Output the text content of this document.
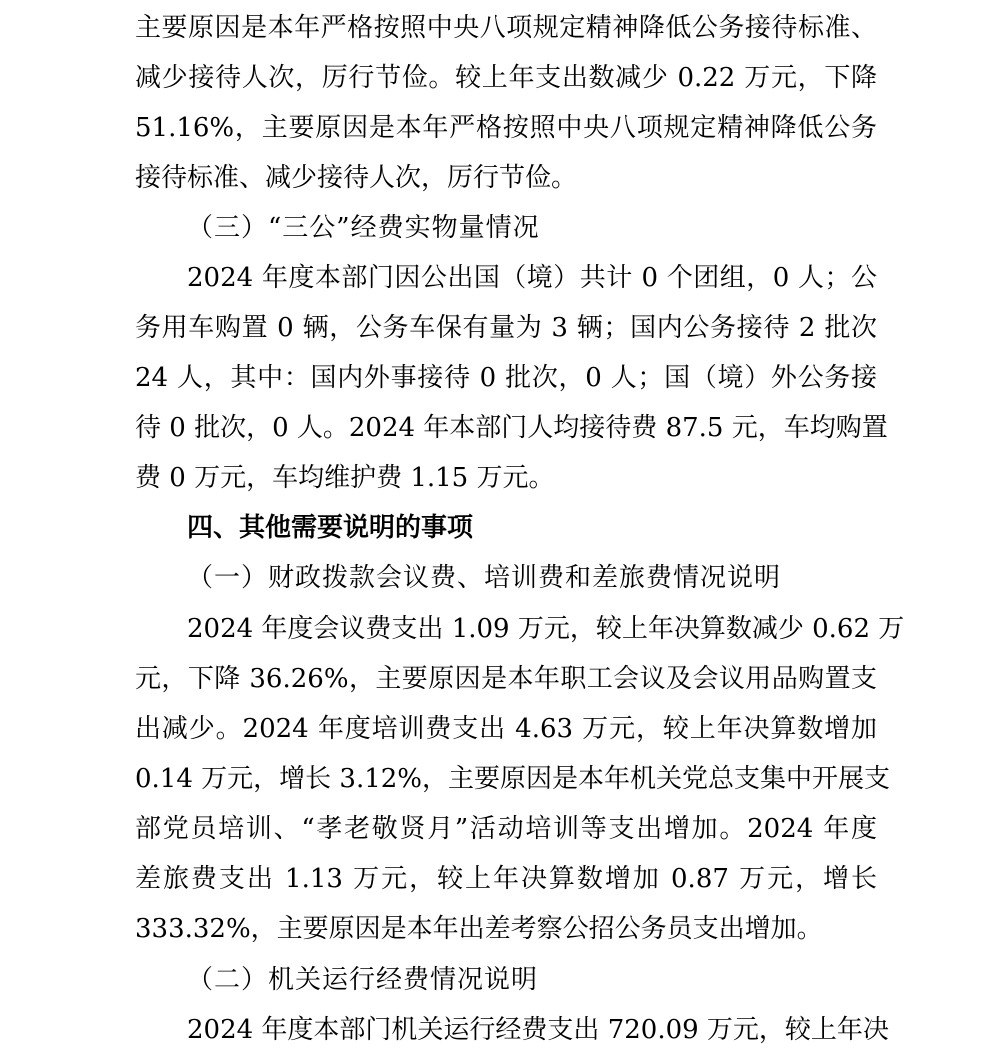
主要原因是本年严格按照中央八项规定精神降低公务接待标准、
减少接待人次，厉行节俭。较上年支出数减少 0.22 万元，下降
51.16%，主要原因是本年严格按照中央八项规定精神降低公务
接待标准、减少接待人次，厉行节俭。
（三）“三公”经费实物量情况
2024 年度本部门因公出国（境）共计 0 个团组，0 人；公
务用车购置 0 辆，公务车保有量为 3 辆；国内公务接待 2 批次
24 人，其中：国内外事接待 0 批次，0 人；国（境）外公务接
待 0 批次，0 人。2024 年本部门人均接待费 87.5 元，车均购置
费 0 万元，车均维护费 1.15 万元。
四、其他需要说明的事项
（一）财政拨款会议费、培训费和差旅费情况说明
2024 年度会议费支出 1.09 万元，较上年决算数减少 0.62 万
元，下降 36.26%，主要原因是本年职工会议及会议用品购置支
出减少。2024 年度培训费支出 4.63 万元，较上年决算数增加
0.14 万元，增长 3.12%，主要原因是本年机关党总支集中开展支
部党员培训、“孝老敬贤月”活动培训等支出增加。2024 年度
差旅费支出 1.13 万元，较上年决算数增加 0.87 万元，增长
333.32%，主要原因是本年出差考察公招公务员支出增加。
（二）机关运行经费情况说明
2024 年度本部门机关运行经费支出 720.09 万元，较上年决
